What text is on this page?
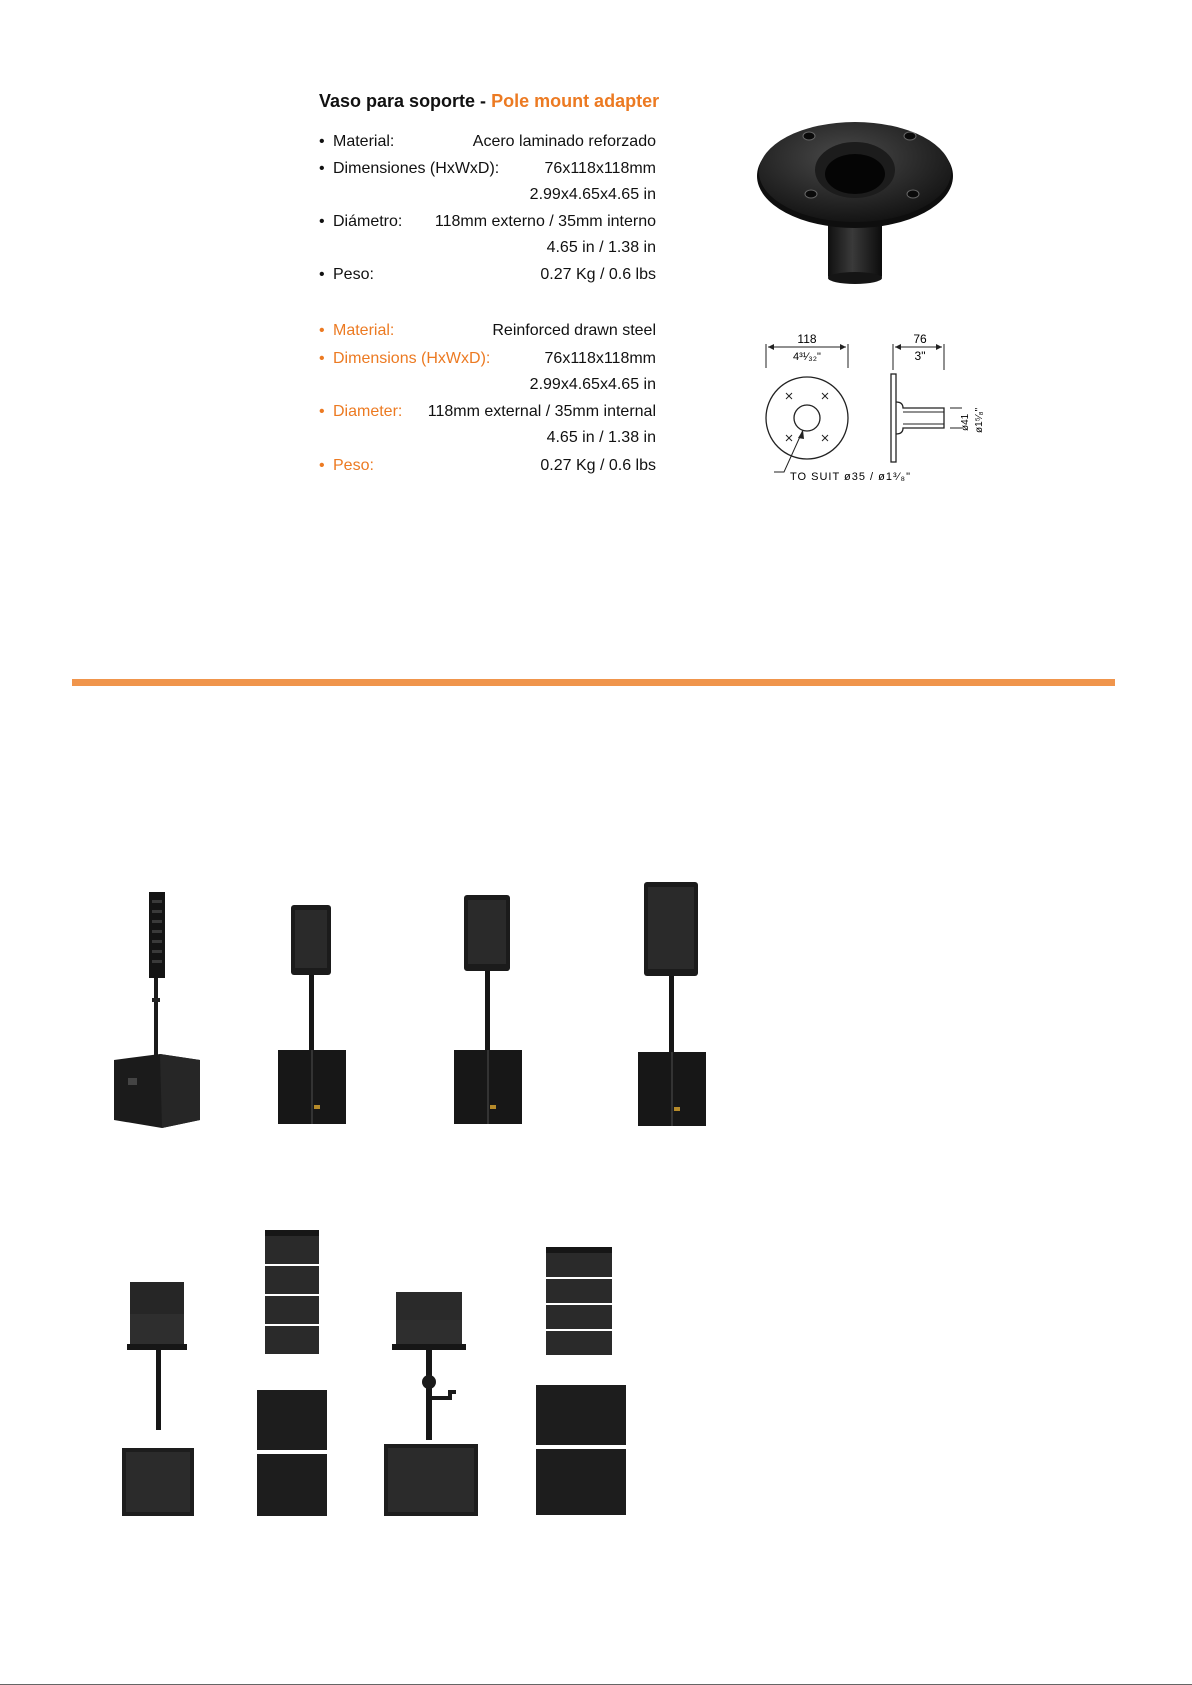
Vaso para soporte - Pole mount adapter
• Material:	Acero laminado reforzado
• Dimensiones (HxWxD):	76x118x118mm
2.99x4.65x4.65 in
• Diámetro: 118mm externo / 35mm interno
4.65 in / 1.38 in
• Peso:	0.27 Kg / 0.6 lbs
• Material:	Reinforced drawn steel
• Dimensions (HxWxD):	76x118x118mm
2.99x4.65x4.65 in
• Diameter: 118mm external / 35mm internal
4.65 in / 1.38 in
• Peso:	0.27 Kg / 0.6 lbs
118
4³¹⁄₃₂"
TO SUIT ø35 / ø1³⁄₈"
76
3"
ø41 ø1⁵⁄₈"
